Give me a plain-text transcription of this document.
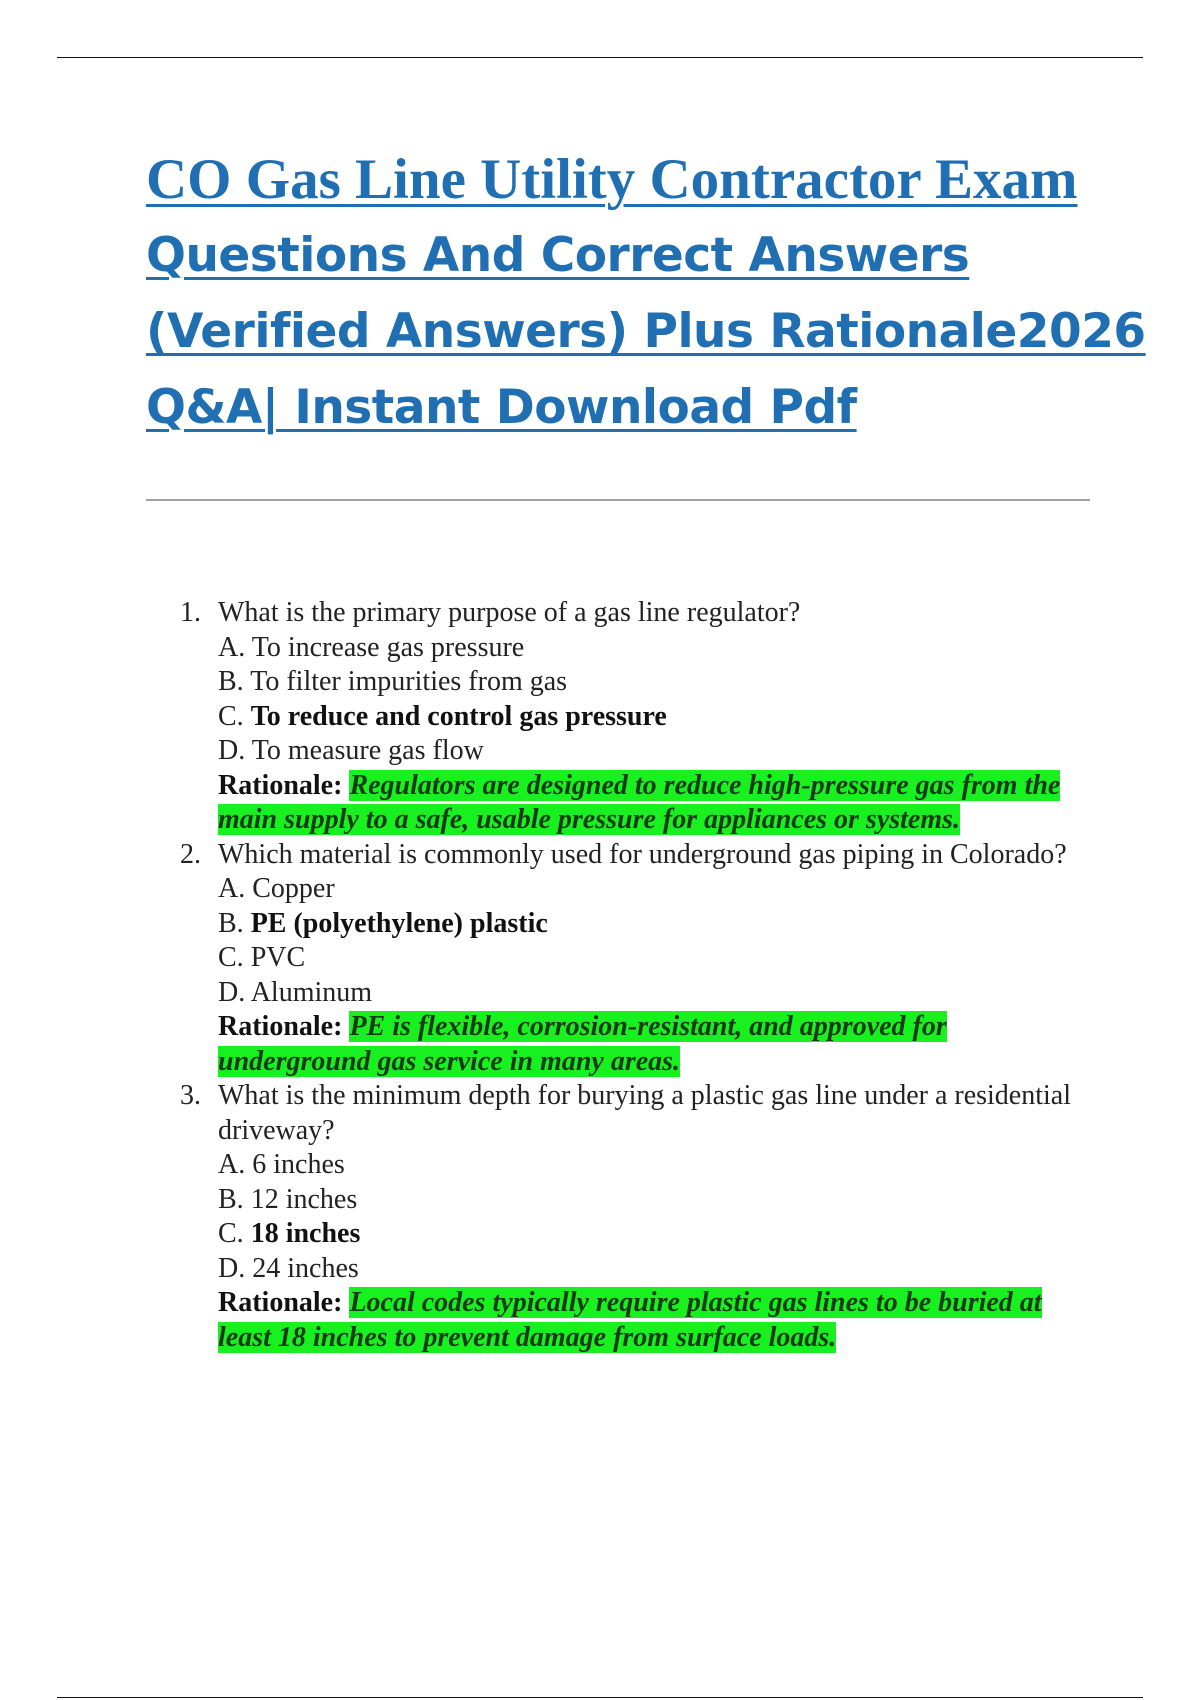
CO Gas Line Utility Contractor Exam
Questions And Correct Answers
(Verified Answers) Plus Rationale2026
Q&A| Instant Download Pdf
1. What is the primary purpose of a gas line regulator?
A. To increase gas pressure
B. To filter impurities from gas
C. To reduce and control gas pressure
D. To measure gas flow
Rationale: Regulators are designed to reduce high-pressure gas from the main supply to a safe, usable pressure for appliances or systems.
2. Which material is commonly used for underground gas piping in Colorado?
A. Copper
B. PE (polyethylene) plastic
C. PVC
D. Aluminum
Rationale: PE is flexible, corrosion-resistant, and approved for underground gas service in many areas.
3. What is the minimum depth for burying a plastic gas line under a residential driveway?
A. 6 inches
B. 12 inches
C. 18 inches
D. 24 inches
Rationale: Local codes typically require plastic gas lines to be buried at least 18 inches to prevent damage from surface loads.
